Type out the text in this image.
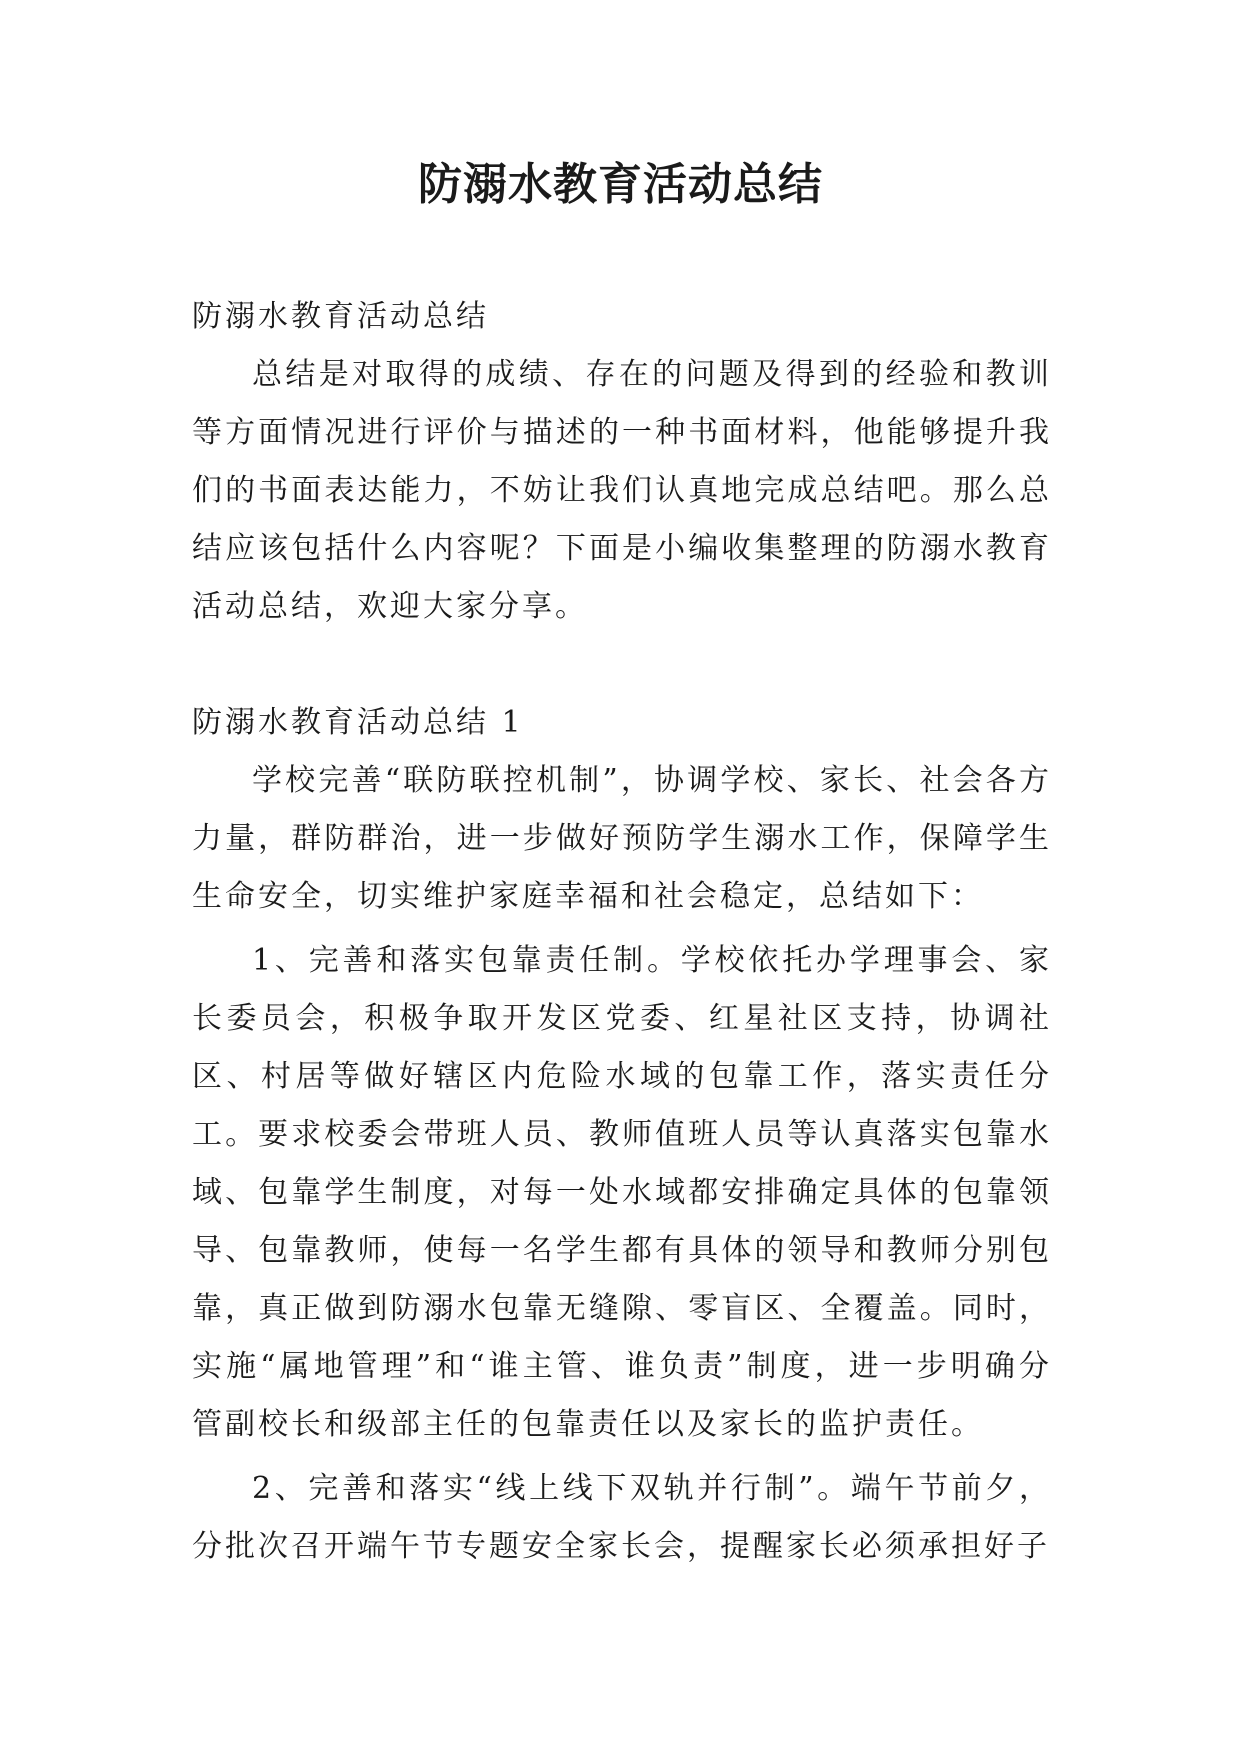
防溺水教育活动总结

防溺水教育活动总结

总结是对取得的成绩、存在的问题及得到的经验和教训等方面情况进行评价与描述的一种书面材料，他能够提升我们的书面表达能力，不妨让我们认真地完成总结吧。那么总结应该包括什么内容呢？下面是小编收集整理的防溺水教育活动总结，欢迎大家分享。

防溺水教育活动总结 1

学校完善“联防联控机制”，协调学校、家长、社会各方力量，群防群治，进一步做好预防学生溺水工作，保障学生生命安全，切实维护家庭幸福和社会稳定，总结如下：

1、完善和落实包靠责任制。学校依托办学理事会、家长委员会，积极争取开发区党委、红星社区支持，协调社区、村居等做好辖区内危险水域的包靠工作，落实责任分工。要求校委会带班人员、教师值班人员等认真落实包靠水域、包靠学生制度，对每一处水域都安排确定具体的包靠领导、包靠教师，使每一名学生都有具体的领导和教师分别包靠，真正做到防溺水包靠无缝隙、零盲区、全覆盖。同时，实施“属地管理”和“谁主管、谁负责”制度，进一步明确分管副校长和级部主任的包靠责任以及家长的监护责任。

2、完善和落实“线上线下双轨并行制”。端午节前夕，分批次召开端午节专题安全家长会，提醒家长必须承担好子
